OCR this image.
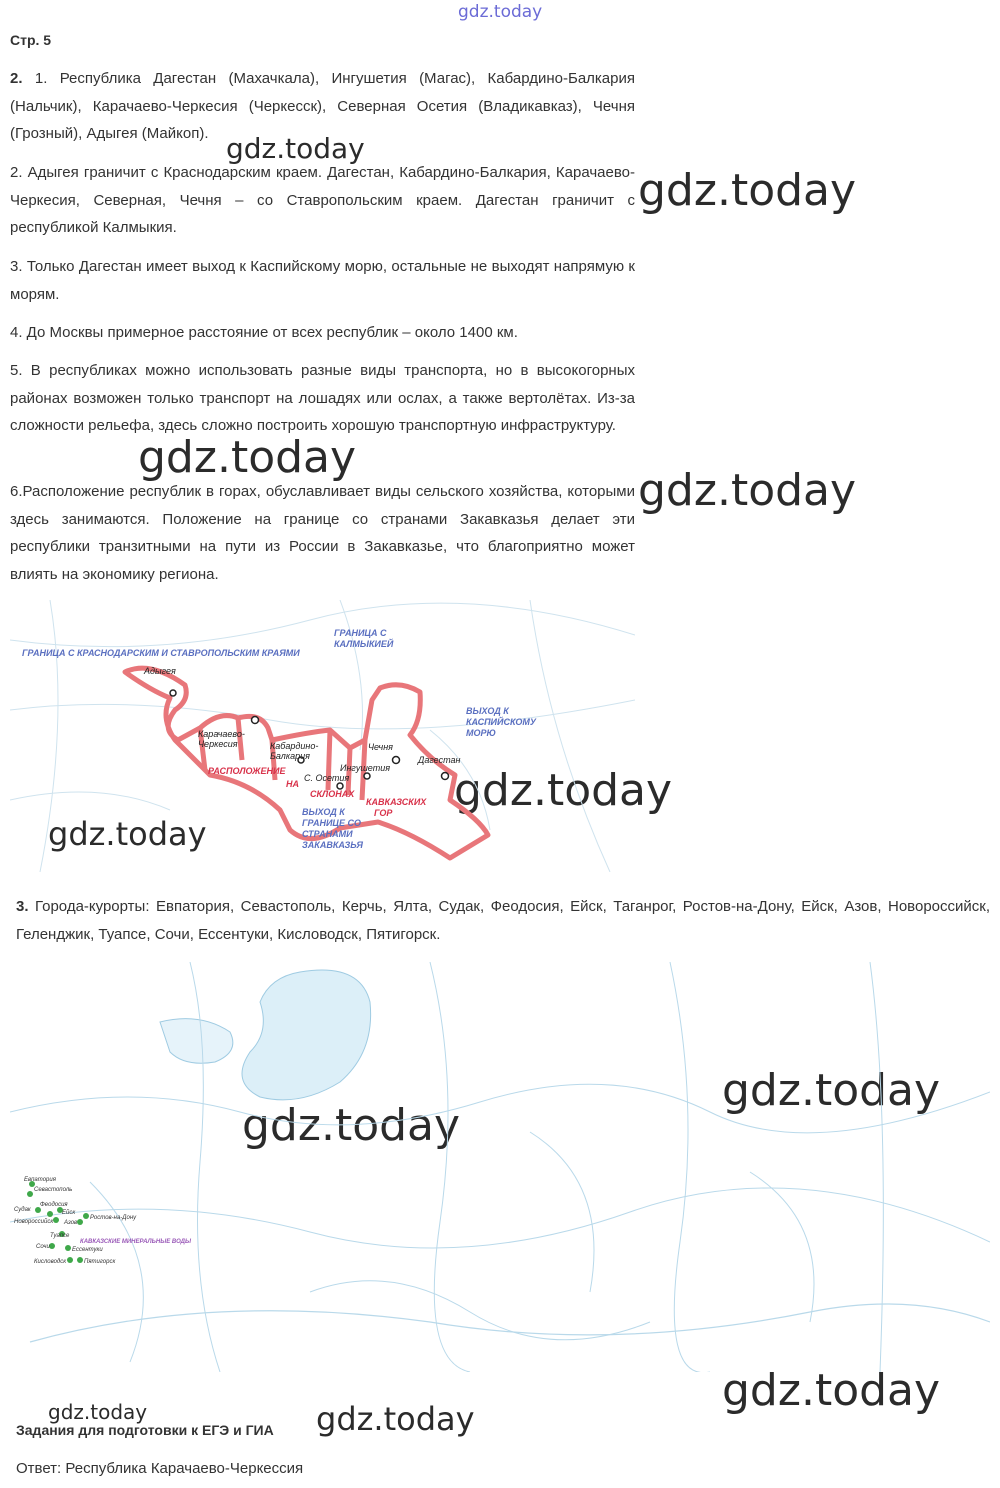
gdz.today
gdz.today
gdz.today
gdz.today
gdz.today
gdz.today
gdz.today
gdz.today
gdz.today
gdz.today
gdz.today	gdz.today
Стр. 5
2. 1. Республика Дагестан (Махачкала), Ингушетия (Магас), Кабардино-Балкария (Нальчик), Карачаево-Черкесия (Черкесск), Северная Осетия (Владикавказ), Чечня (Грозный), Адыгея (Майкоп).
2. Адыгея граничит с Краснодарским краем. Дагестан, Кабардино-Балкария, Карачаево-Черкесия, Северная, Чечня – со Ставропольским краем. Дагестан граничит с республикой Калмыкия.
3. Только Дагестан имеет выход к Каспийскому морю, остальные не выходят напрямую к морям.
4. До Москвы примерное расстояние от всех республик – около 1400 км.
5. В республиках можно использовать разные виды транспорта, но в высокогорных районах возможен только транспорт на лошадях или ослах, а также вертолётах. Из-за сложности рельефа, здесь сложно построить хорошую транспортную инфраструктуру.
6.Расположение республик в горах, обуславливает виды сельского хозяйства, которыми здесь занимаются. Положение на границе со странами Закавказья делает эти республики транзитными на пути из России в Закавказье, что благоприятно может влиять на экономику региона.
ГРАНИЦА С КРАСНОДАРСКИМ И СТАВРОПОЛЬСКИМ КРАЯМИ
ГРАНИЦА С
КАЛМЫКИЕЙ
ВЫХОД К
КАСПИЙСКОМУ
МОРЮ
ВЫХОД К
ГРАНИЦЕ СО
СТРАНАМИ
ЗАКАВКАЗЬЯ
Адыгея
Карачаево-
Черкесия	Кабардино-
Балкария
Чечня
Ингушетия
Дагестан
С. Осетия
РАСПОЛОЖЕНИЕ
НА
СКЛОНАХ
КАВКАЗСКИХ
ГОР
3. Города-курорты: Евпатория, Севастополь, Керчь, Ялта, Судак, Феодосия, Ейск, Таганрог, Ростов-на-Дону, Ейск, Азов, Новороссийск, Геленджик, Туапсе, Сочи, Ессентуки, Кисловодск, Пятигорск.
Евпатория
Севастополь
Судак
Феодосия
Ейск
Ростов-на-Дону
Новороссийск Азов
Туапсе
Сочи	Ессентуки
Кисловодск	Пятигорск
КАВКАЗСКИЕ МИНЕРАЛЬНЫЕ ВОДЫ
Задания для подготовки к ЕГЭ и ГИА
Ответ: Республика Карачаево-Черкессия
